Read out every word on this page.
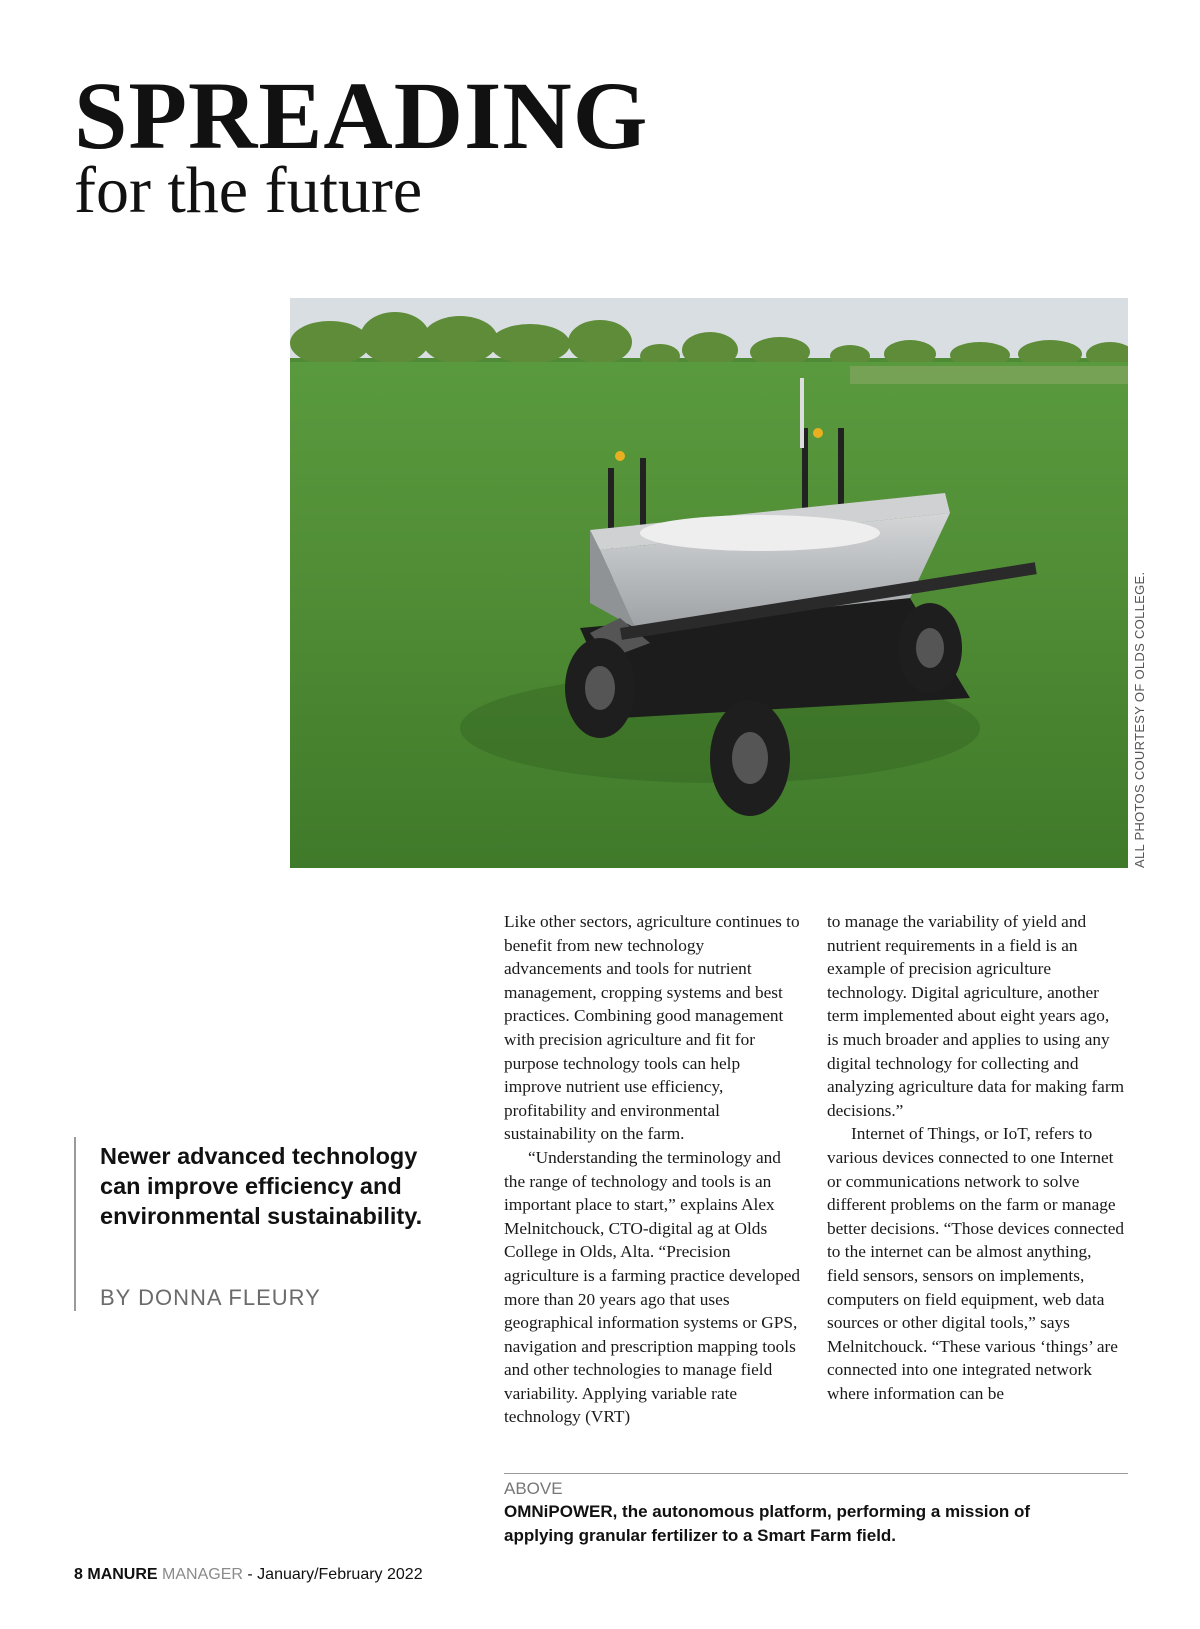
SPREADING
for the future
ALL PHOTOS COURTESY OF OLDS COLLEGE.

Newer advanced technology can improve efficiency and environmental sustainability.

BY DONNA FLEURY

Like other sectors, agriculture continues to benefit from new technology advancements and tools for nutrient management, cropping systems and best practices. Combining good management with precision agriculture and fit for purpose technology tools can help improve nutrient use efficiency, profitability and environmental sustainability on the farm.

“Understanding the terminology and the range of technology and tools is an important place to start,” explains Alex Melnitchouck, CTO-digital ag at Olds College in Olds, Alta. “Precision agriculture is a farming practice developed more than 20 years ago that uses geographical information systems or GPS, navigation and prescription mapping tools and other technologies to manage field variability. Applying variable rate technology (VRT)

to manage the variability of yield and nutrient requirements in a field is an example of precision agriculture technology. Digital agriculture, another term implemented about eight years ago, is much broader and applies to using any digital technology for collecting and analyzing agriculture data for making farm decisions.”

Internet of Things, or IoT, refers to various devices connected to one Internet or communications network to solve different problems on the farm or manage better decisions. “Those devices connected to the internet can be almost anything, field sensors, sensors on implements, computers on field equipment, web data sources or other digital tools,” says Melnitchouck. “These various ‘things’ are connected into one integrated network where information can be

ABOVE

OMNiPOWER, the autonomous platform, performing a mission of applying granular fertilizer to a Smart Farm field.

8 MANURE MANAGER - January/February 2022
